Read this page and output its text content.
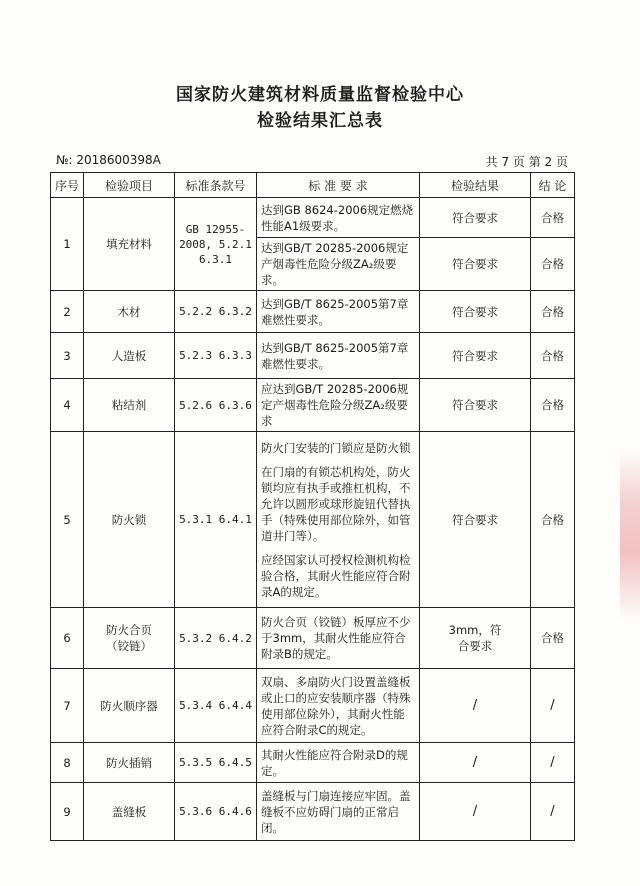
国家防火建筑材料质量监督检验中心
检验结果汇总表
№: 2018600398A	共 7 页 第 2 页
序号	检验项目	标准条款号	标 准 要 求	检验结果	结 论
1	填充材料	GB 12955-2008, 5.2.1 6.3.1	达到GB 8624-2006规定燃烧性能A1级要求。	符合要求	合格
			达到GB/T 20285-2006规定产烟毒性危险分级ZA₂级要求。	符合要求	合格
2	木材	5.2.2 6.3.2	达到GB/T 8625-2005第7章难燃性要求。	符合要求	合格
3	人造板	5.2.3 6.3.3	达到GB/T 8625-2005第7章难燃性要求。	符合要求	合格
4	粘结剂	5.2.6 6.3.6	应达到GB/T 20285-2006规定产烟毒性危险分级ZA₂级要求	符合要求	合格
5	防火锁	5.3.1 6.4.1	防火门安装的门锁应是防火锁

在门扇的有锁芯机构处，防火锁均应有执手或推杠机构，不允许以圆形或球形旋钮代替执手（特殊使用部位除外，如管道井门等）。

应经国家认可授权检测机构检验合格，其耐火性能应符合附录A的规定。	符合要求	合格
6	防火合页（铰链）	5.3.2 6.4.2	防火合页（铰链）板厚应不少于3mm，其耐火性能应符合附录B的规定。	3mm，符合要求	合格
7	防火顺序器	5.3.4 6.4.4	双扇、多扇防火门设置盖缝板或止口的应安装顺序器（特殊使用部位除外），其耐火性能应符合附录C的规定。	/	/
8	防火插销	5.3.5 6.4.5	其耐火性能应符合附录D的规定。	/	/
9	盖缝板	5.3.6 6.4.6	盖缝板与门扇连接应牢固。盖缝板不应妨碍门扇的正常启闭。	/	/
